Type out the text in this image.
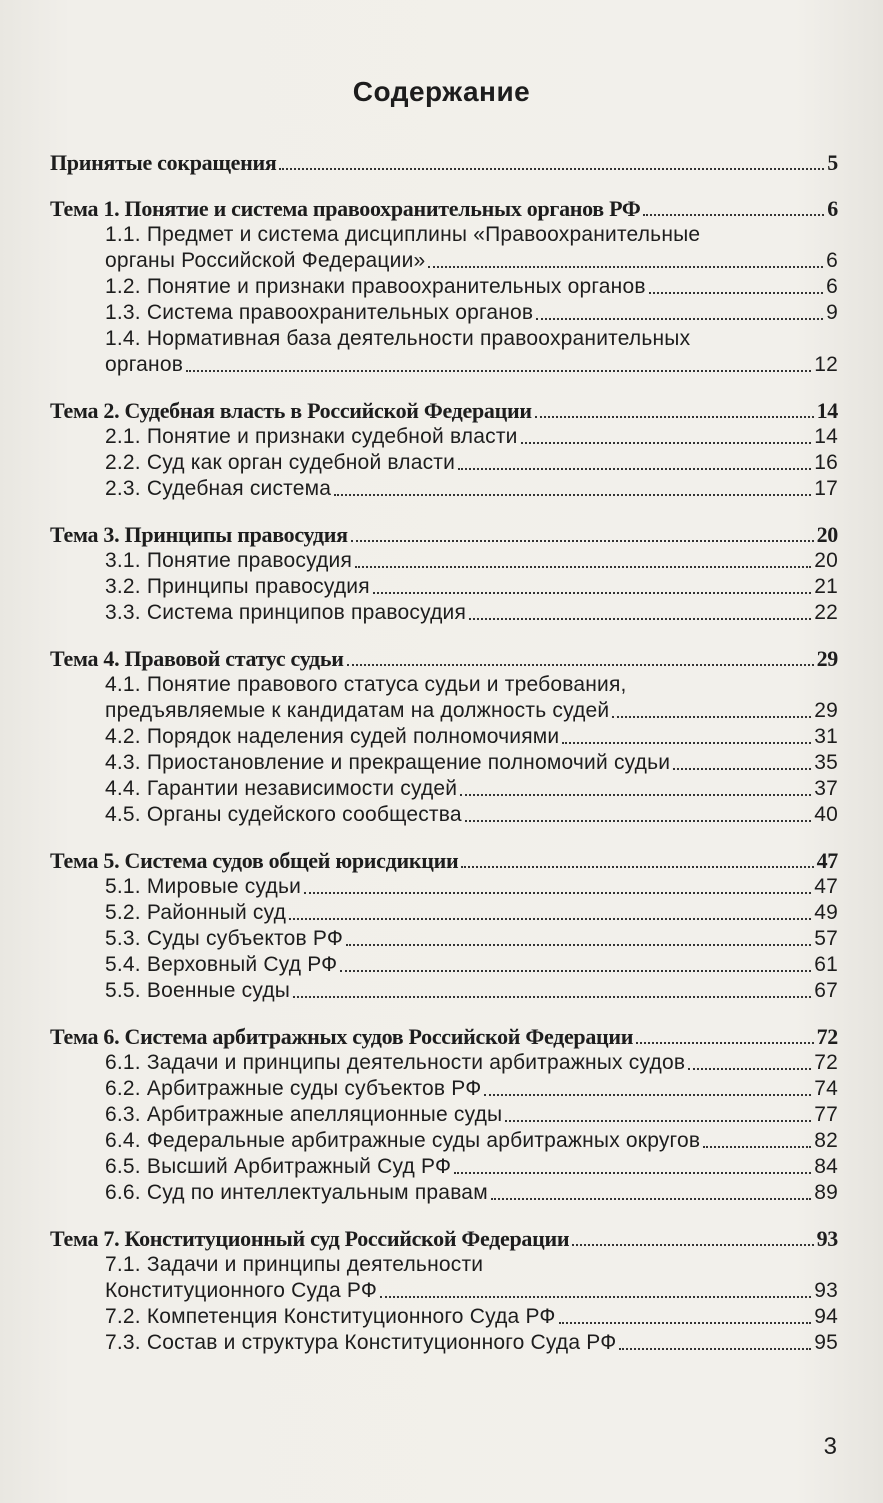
Содержание
Принятые сокращения	5
Тема 1. Понятие и система правоохранительных органов РФ	6
1.1. Предмет и система дисциплины «Правоохранительные
органы Российской Федерации»	6
1.2. Понятие и признаки правоохранительных органов	6
1.3. Система правоохранительных органов	9
1.4. Нормативная база деятельности правоохранительных
органов	12
Тема 2. Судебная власть в Российской Федерации	14
2.1. Понятие и признаки судебной власти	14
2.2. Суд как орган судебной власти	16
2.3. Судебная система	17
Тема 3. Принципы правосудия	20
3.1. Понятие правосудия	20
3.2. Принципы правосудия	21
3.3. Система принципов правосудия	22
Тема 4. Правовой статус судьи	29
4.1. Понятие правового статуса судьи и требования,
предъявляемые к кандидатам на должность судей	29
4.2. Порядок наделения судей полномочиями	31
4.3. Приостановление и прекращение полномочий судьи	35
4.4. Гарантии независимости судей	37
4.5. Органы судейского сообщества	40
Тема 5. Система судов общей юрисдикции	47
5.1. Мировые судьи	47
5.2. Районный суд	49
5.3. Суды субъектов РФ	57
5.4. Верховный Суд РФ	61
5.5. Военные суды	67
Тема 6. Система арбитражных судов Российской Федерации	72
6.1. Задачи и принципы деятельности арбитражных судов	72
6.2. Арбитражные суды субъектов РФ	74
6.3. Арбитражные апелляционные суды	77
6.4. Федеральные арбитражные суды арбитражных округов	82
6.5. Высший Арбитражный Суд РФ	84
6.6. Суд по интеллектуальным правам	89
Тема 7. Конституционный суд Российской Федерации	93
7.1. Задачи и принципы деятельности
Конституционного Суда РФ	93
7.2. Компетенция Конституционного Суда РФ	94
7.3. Состав и структура Конституционного Суда РФ	95
3
